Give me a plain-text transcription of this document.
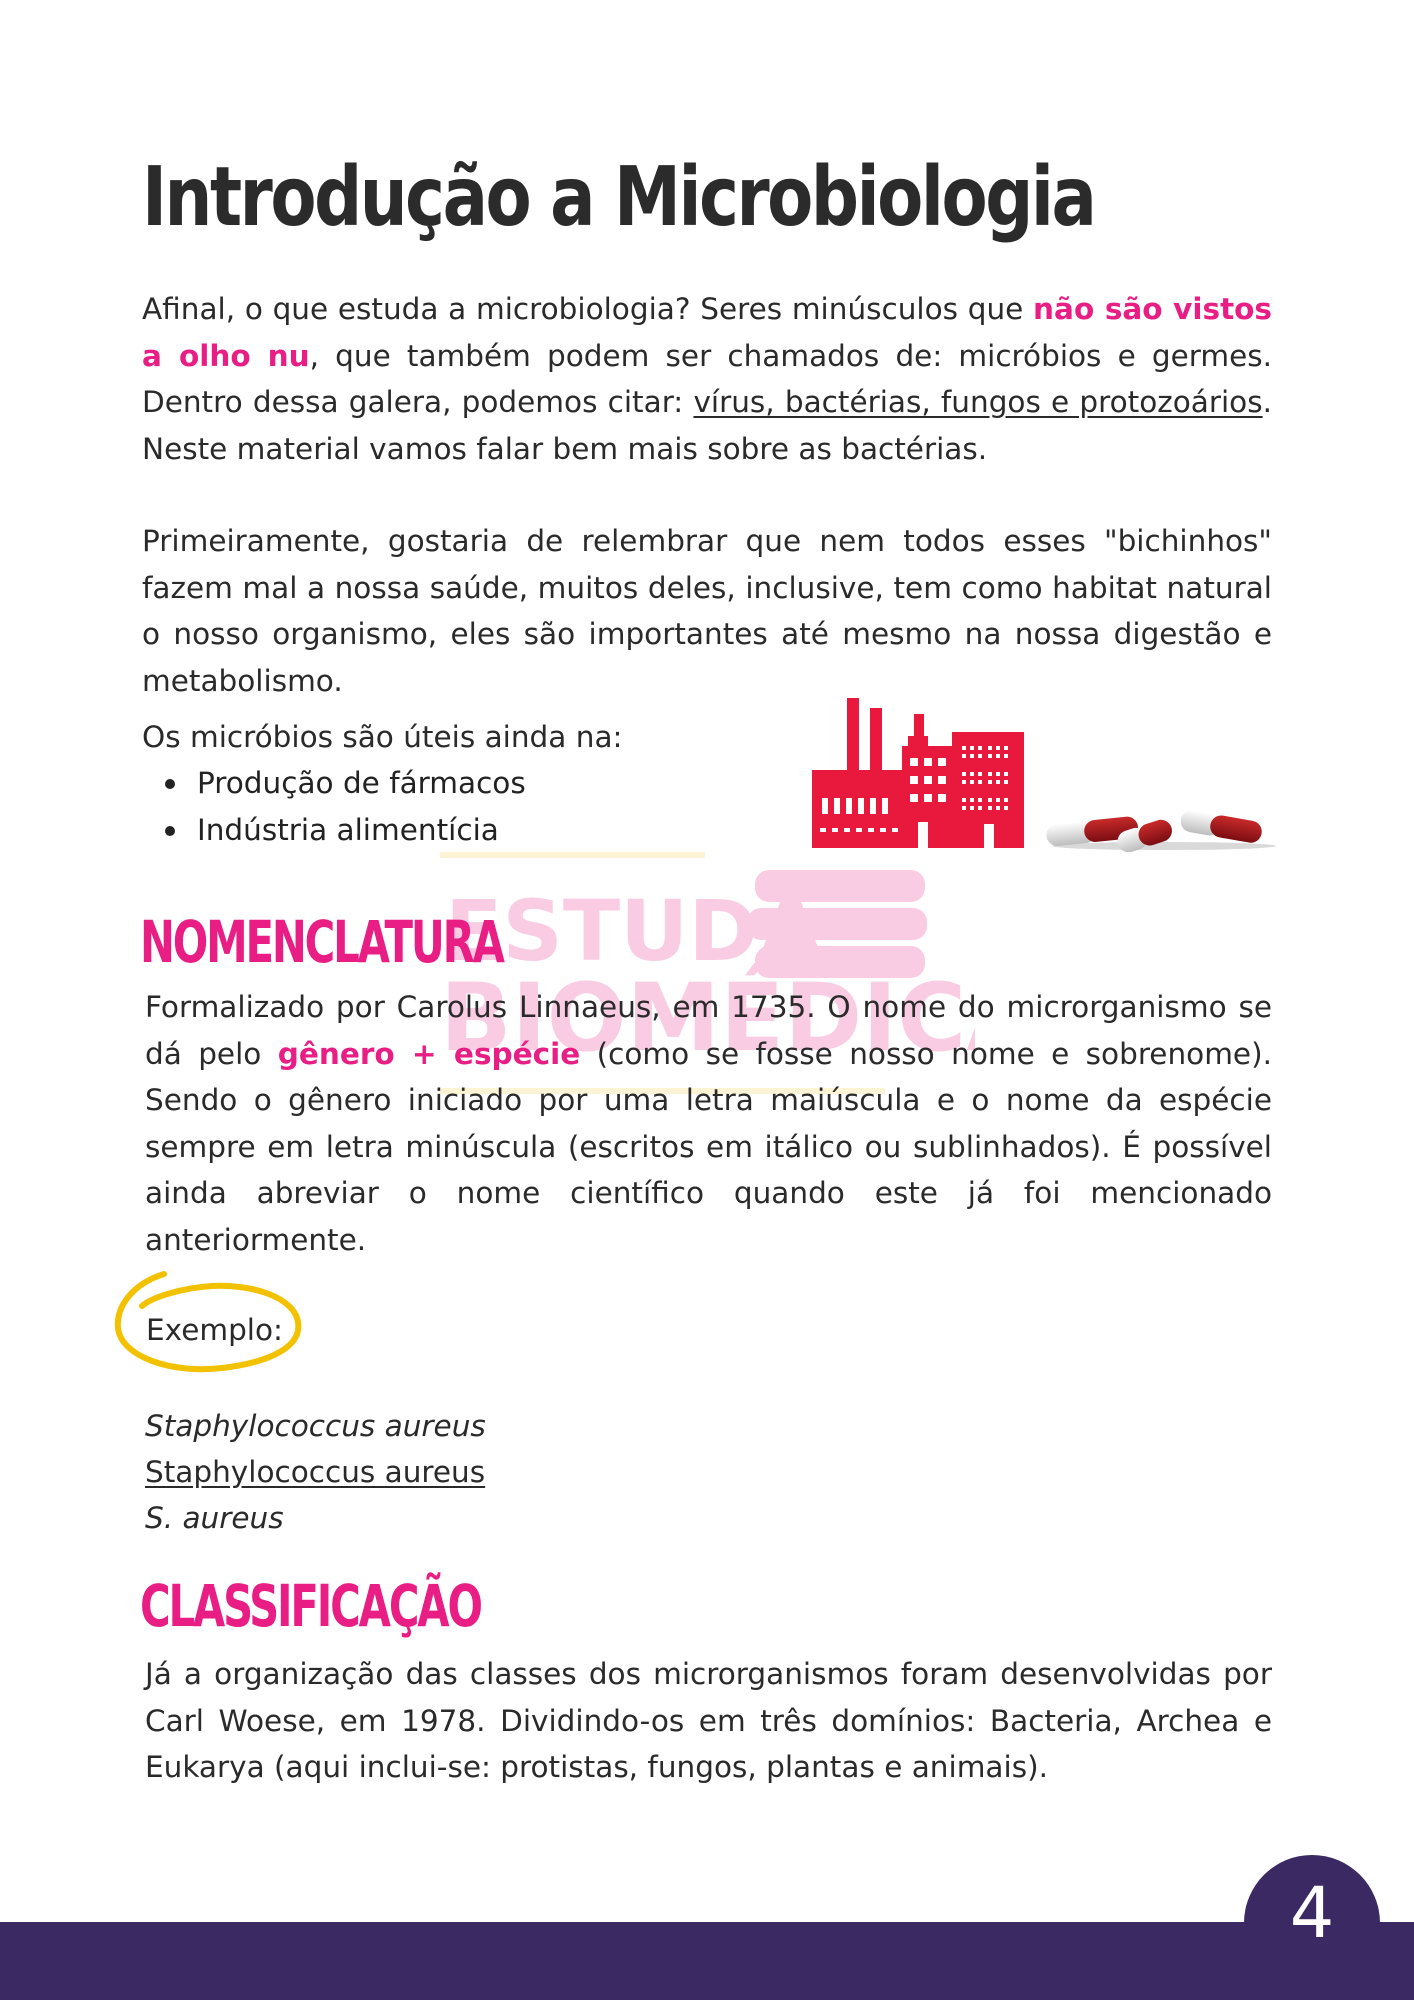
Introdução a Microbiologia

Afinal, o que estuda a microbiologia? Seres minúsculos que não são vistos a olho nu, que também podem ser chamados de: micróbios e germes. Dentro dessa galera, podemos citar: vírus, bactérias, fungos e protozoários. Neste material vamos falar bem mais sobre as bactérias.

Primeiramente, gostaria de relembrar que nem todos esses "bichinhos" fazem mal a nossa saúde, muitos deles, inclusive, tem como habitat natural o nosso organismo, eles são importantes até mesmo na nossa digestão e metabolismo.

Os micróbios são úteis ainda na:

Produção de fármacos
Indústria alimentícia
ESTUDA
BIOMÉDIC
NOMENCLATURA

Formalizado por Carolus Linnaeus, em 1735. O nome do microrganismo se dá pelo gênero + espécie (como se fosse nosso nome e sobrenome). Sendo o gênero iniciado por uma letra maiúscula e o nome da espécie sempre em letra minúscula (escritos em itálico ou sublinhados). É possível ainda abreviar o nome científico quando este já foi mencionado anteriormente.

Exemplo:

Staphylococcus aureus

Staphylococcus aureus

S. aureus

CLASSIFICAÇÃO

Já a organização das classes dos microrganismos foram desenvolvidas por Carl Woese, em 1978. Dividindo-os em três domínios: Bacteria, Archea e Eukarya (aqui inclui-se: protistas, fungos, plantas e animais).

4
